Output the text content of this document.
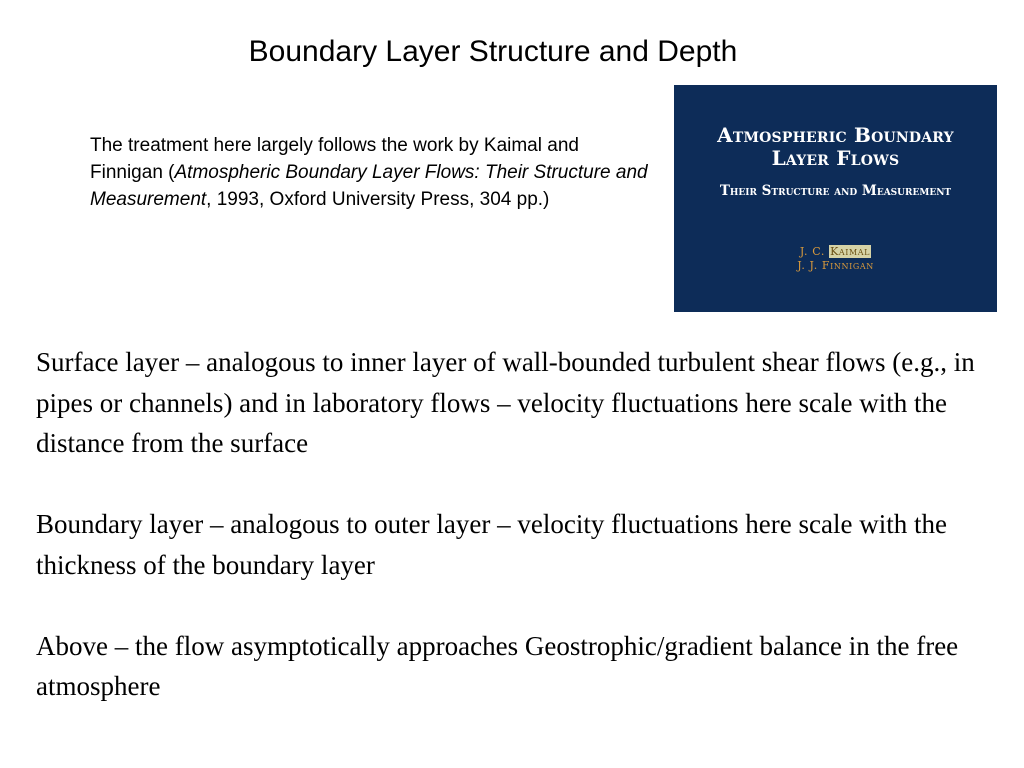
Boundary Layer Structure and Depth
The treatment here largely follows the work by Kaimal and Finnigan (Atmospheric Boundary Layer Flows: Their Structure and Measurement, 1993, Oxford University Press, 304 pp.)
Atmospheric Boundary
Layer Flows
Their Structure and Measurement
J. C. Kaimal
J. J. Finnigan

Surface layer – analogous to inner layer of wall-bounded turbulent shear flows (e.g., in pipes or channels) and in laboratory flows – velocity fluctuations here scale with the distance from the surface

Boundary layer – analogous to outer layer – velocity fluctuations here scale with the thickness of the boundary layer

Above – the flow asymptotically approaches Geostrophic/gradient balance in the free atmosphere
